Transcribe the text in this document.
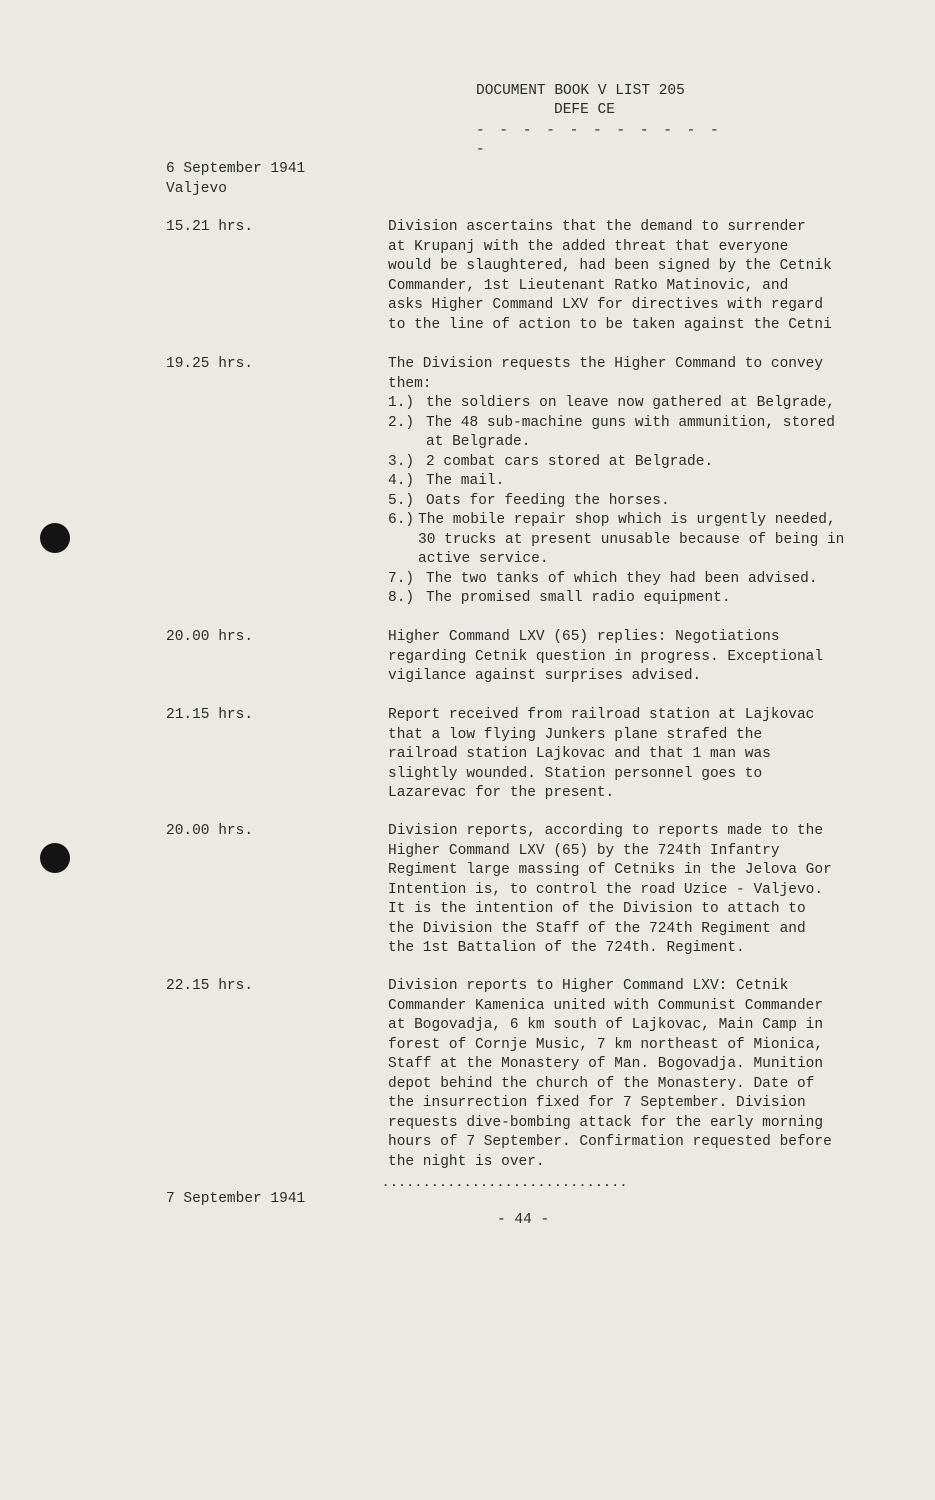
DOCUMENT BOOK V LIST 205
DEFE CE
- - - - - - - - - - - -
6 September 1941
Valjevo
15.21 hrs.	Division ascertains that the demand to surrender
at Krupanj with the added threat that everyone
would be slaughtered, had been signed by the Cetnik
Commander, 1st Lieutenant Ratko Matinovic, and
asks Higher Command LXV for directives with regard
to the line of action to be taken against the Cetni
19.25 hrs.	The Division requests the Higher Command to convey
them:
1.) the soldiers on leave now gathered at Belgrade,
2.) The 48 sub-machine guns with ammunition, stored
at Belgrade.
3.) 2 combat cars stored at Belgrade.
4.) The mail.
5.) Oats for feeding the horses.
6.) The mobile repair shop which is urgently needed,
30 trucks at present unusable because of being in active service.
7.) The two tanks of which they had been advised.
8.) The promised small radio equipment.
20.00 hrs.	Higher Command LXV (65) replies: Negotiations
regarding Cetnik question in progress. Exceptional
vigilance against surprises advised.
21.15 hrs.	Report received from railroad station at Lajkovac
that a low flying Junkers plane strafed the
railroad station Lajkovac and that 1 man was
slightly wounded. Station personnel goes to
Lazarevac for the present.
20.00 hrs.	Division reports, according to reports made to the
Higher Command LXV (65) by the 724th Infantry
Regiment large massing of Cetniks in the Jelova Gor
Intention is, to control the road Uzice - Valjevo.
It is the intention of the Division to attach to
the Division the Staff of the 724th Regiment and
the 1st Battalion of the 724th. Regiment.
22.15 hrs.	Division reports to Higher Command LXV: Cetnik
Commander Kamenica united with Communist Commander
at Bogovadja, 6 km south of Lajkovac, Main Camp in
forest of Cornje Music, 7 km northeast of Mionica,
Staff at the Monastery of Man. Bogovadja. Munition
depot behind the church of the Monastery. Date of
the insurrection fixed for 7 September. Division
requests dive-bombing attack for the early morning
hours of 7 September. Confirmation requested before
the night is over.
..............................
7 September 1941
- 44 -
